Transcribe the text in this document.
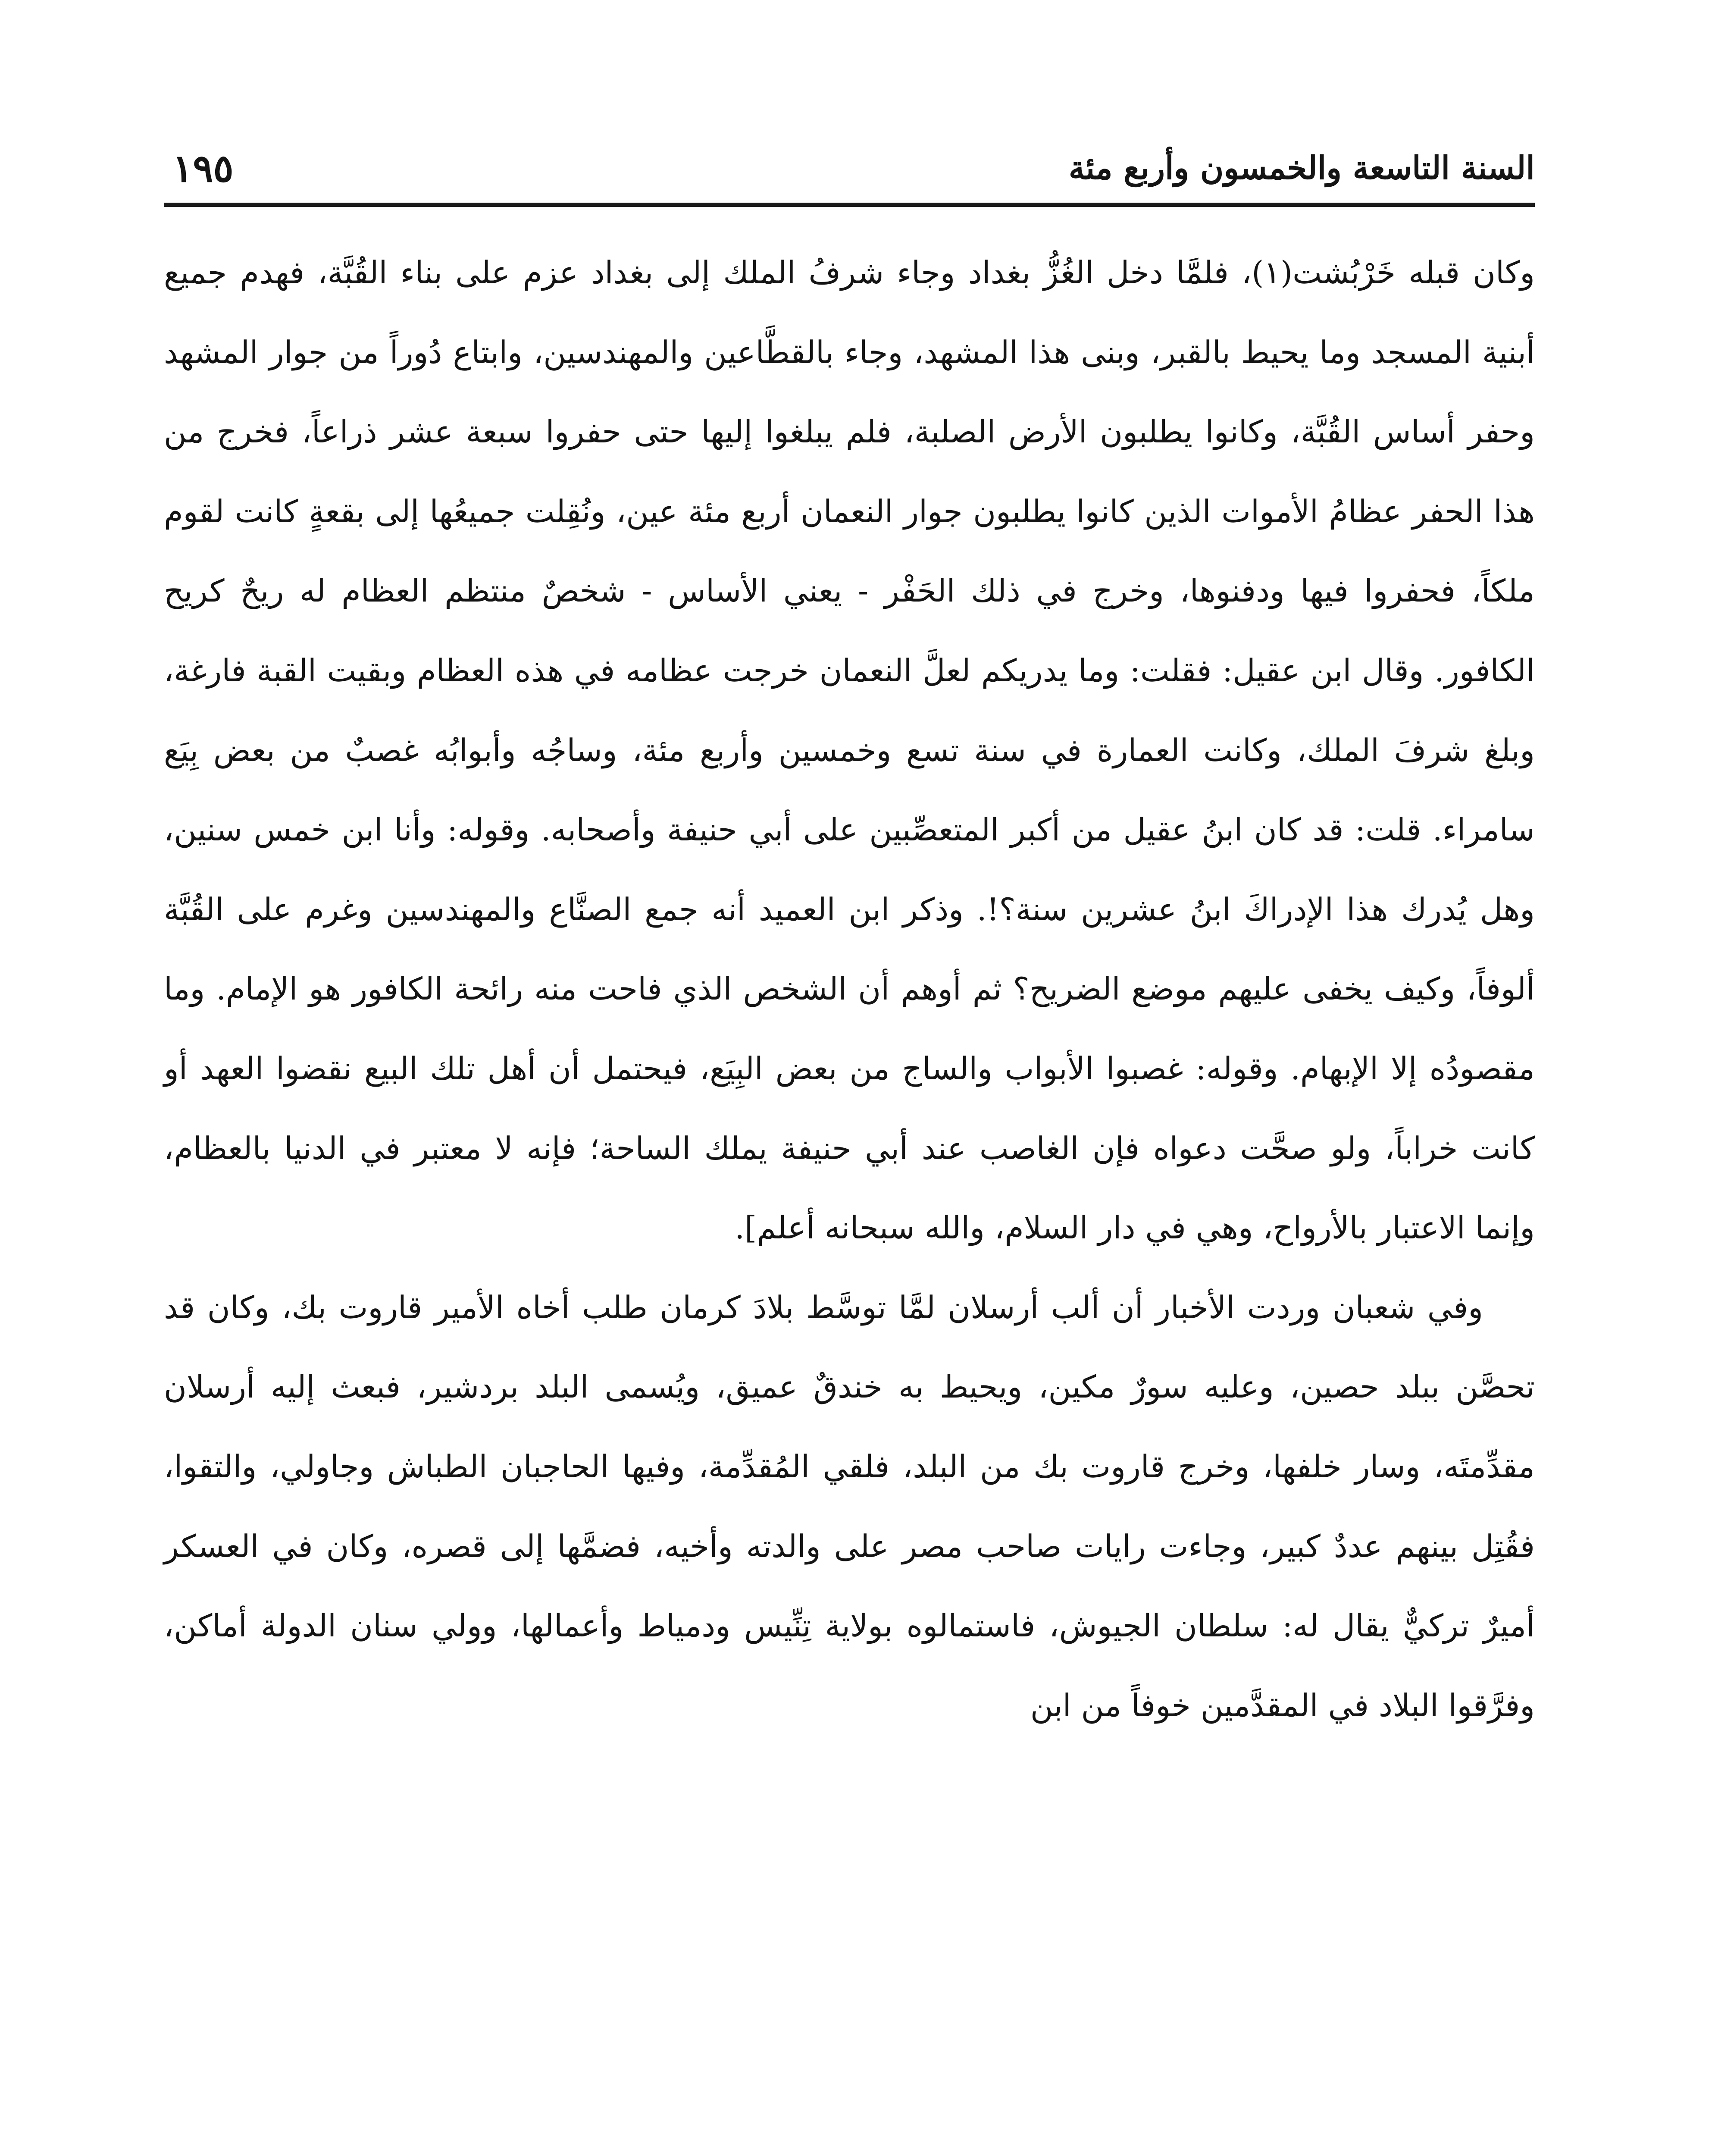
١٩٥	السنة التاسعة والخمسون وأربع مئة

وكان قبله خَرْبُشت(١)، فلمَّا دخل الغُزُّ بغداد وجاء شرفُ الملك إلى بغداد عزم على بناء القُبَّة، فهدم جميع أبنية المسجد وما يحيط بالقبر، وبنى هذا المشهد، وجاء بالقطَّاعين والمهندسين، وابتاع دُوراً من جوار المشهد وحفر أساس القُبَّة، وكانوا يطلبون الأرض الصلبة، فلم يبلغوا إليها حتى حفروا سبعة عشر ذراعاً، فخرج من هذا الحفر عظامُ الأموات الذين كانوا يطلبون جوار النعمان أربع مئة عين، ونُقِلت جميعُها إلى بقعةٍ كانت لقوم ملكاً، فحفروا فيها ودفنوها، وخرج في ذلك الحَفْر - يعني الأساس - شخصٌ منتظم العظام له ريحٌ كريح الكافور. وقال ابن عقيل: فقلت: وما يدريكم لعلَّ النعمان خرجت عظامه في هذه العظام وبقيت القبة فارغة، وبلغ شرفَ الملك، وكانت العمارة في سنة تسع وخمسين وأربع مئة، وساجُه وأبوابُه غصبٌ من بعض بِيَع سامراء. قلت: قد كان ابنُ عقيل من أكبر المتعصِّبين على أبي حنيفة وأصحابه. وقوله: وأنا ابن خمس سنين، وهل يُدرك هذا الإدراكَ ابنُ عشرين سنة؟!. وذكر ابن العميد أنه جمع الصنَّاع والمهندسين وغرم على القُبَّة ألوفاً، وكيف يخفى عليهم موضع الضريح؟ ثم أوهم أن الشخص الذي فاحت منه رائحة الكافور هو الإمام. وما مقصودُه إلا الإبهام. وقوله: غصبوا الأبواب والساج من بعض البِيَع، فيحتمل أن أهل تلك البيع نقضوا العهد أو كانت خراباً، ولو صحَّت دعواه فإن الغاصب عند أبي حنيفة يملك الساحة؛ فإنه لا معتبر في الدنيا بالعظام، وإنما الاعتبار بالأرواح، وهي في دار السلام، والله سبحانه أعلم].

وفي شعبان وردت الأخبار أن ألب أرسلان لمَّا توسَّط بلادَ كرمان طلب أخاه الأمير قاروت بك، وكان قد تحصَّن ببلد حصين، وعليه سورٌ مكين، ويحيط به خندقٌ عميق، ويُسمى البلد بردشير، فبعث إليه أرسلان مقدِّمتَه، وسار خلفها، وخرج قاروت بك من البلد، فلقي المُقدِّمة، وفيها الحاجبان الطباش وجاولي، والتقوا، فقُتِل بينهم عددٌ كبير، وجاءت رايات صاحب مصر على والدته وأخيه، فضمَّها إلى قصره، وكان في العسكر أميرٌ تركيٌّ يقال له: سلطان الجيوش، فاستمالوه بولاية تِنِّيس ودمياط وأعمالها، وولي سنان الدولة أماكن، وفرَّقوا البلاد في المقدَّمين خوفاً من ابن
